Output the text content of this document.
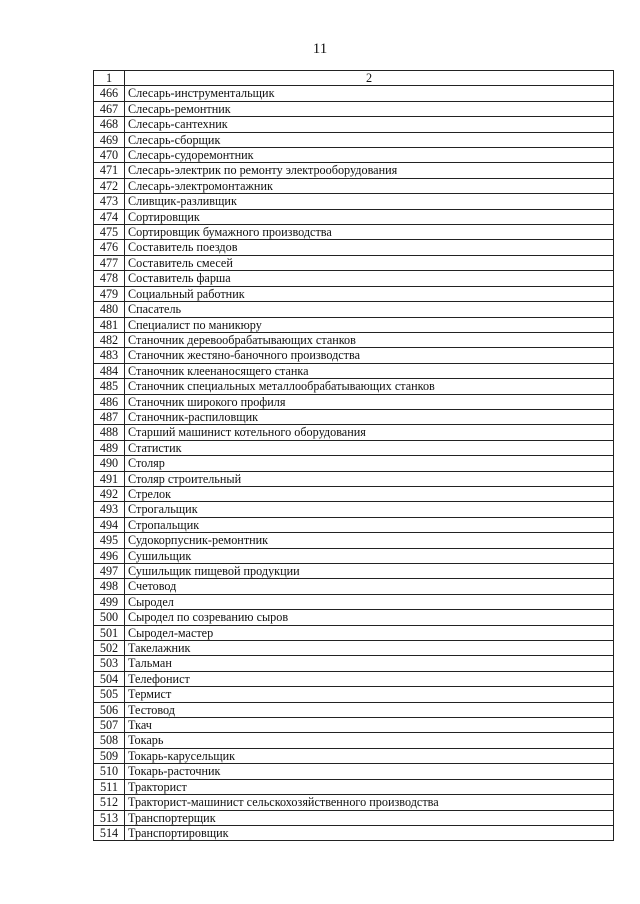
11
1	2
466	Слесарь-инструментальщик
467	Слесарь-ремонтник
468	Слесарь-сантехник
469	Слесарь-сборщик
470	Слесарь-судоремонтник
471	Слесарь-электрик по ремонту электрооборудования
472	Слесарь-электромонтажник
473	Сливщик-разливщик
474	Сортировщик
475	Сортировщик бумажного производства
476	Составитель поездов
477	Составитель смесей
478	Составитель фарша
479	Социальный работник
480	Спасатель
481	Специалист по маникюру
482	Станочник деревообрабатывающих станков
483	Станочник жестяно-баночного производства
484	Станочник клеенаносящего станка
485	Станочник специальных металлообрабатывающих станков
486	Станочник широкого профиля
487	Станочник-распиловщик
488	Старший машинист котельного оборудования
489	Статистик
490	Столяр
491	Столяр строительный
492	Стрелок
493	Строгальщик
494	Стропальщик
495	Судокорпусник-ремонтник
496	Сушильщик
497	Сушильщик пищевой продукции
498	Счетовод
499	Сыродел
500	Сыродел по созреванию сыров
501	Сыродел-мастер
502	Такелажник
503	Тальман
504	Телефонист
505	Термист
506	Тестовод
507	Ткач
508	Токарь
509	Токарь-карусельщик
510	Токарь-расточник
511	Тракторист
512	Тракторист-машинист сельскохозяйственного производства
513	Транспортерщик
514	Транспортировщик
